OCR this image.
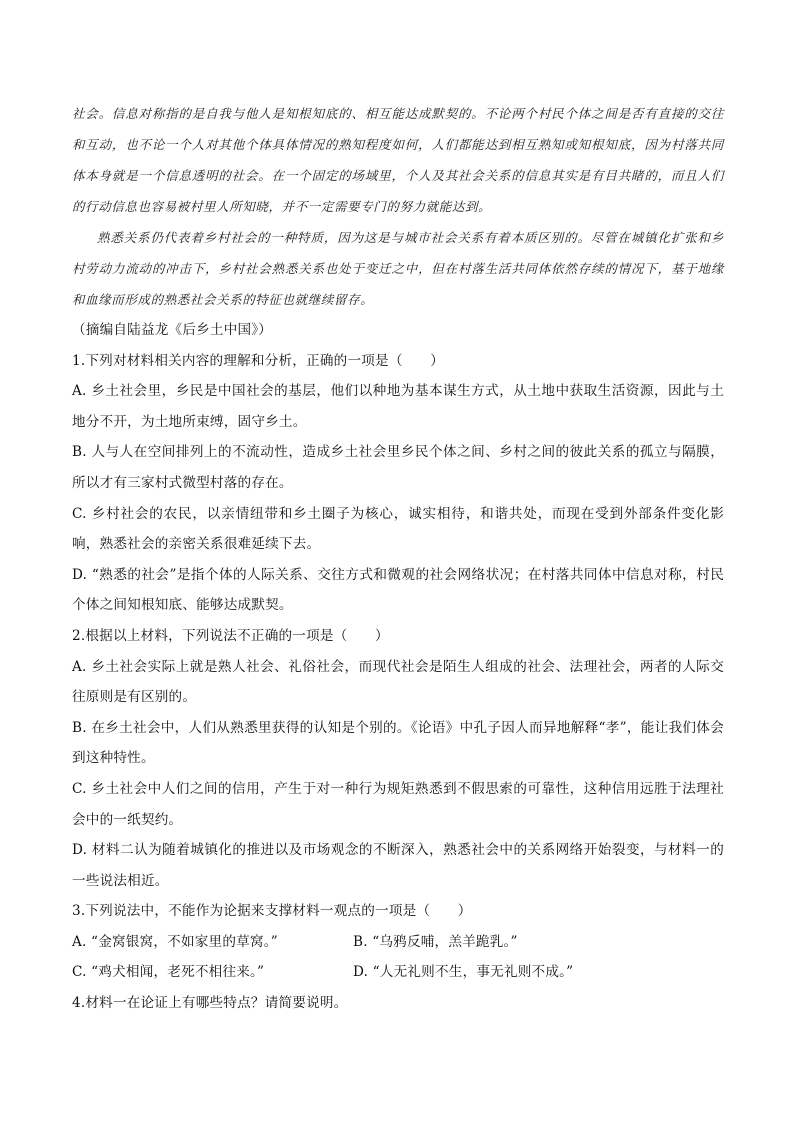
社会。信息对称指的是自我与他人是知根知底的、相互能达成默契的。不论两个村民个体之间是否有直接的交往和互动，也不论一个人对其他个体具体情况的熟知程度如何，人们都能达到相互熟知或知根知底，因为村落共同体本身就是一个信息透明的社会。在一个固定的场域里，个人及其社会关系的信息其实是有目共睹的，而且人们的行动信息也容易被村里人所知晓，并不一定需要专门的努力就能达到。

熟悉关系仍代表着乡村社会的一种特质，因为这是与城市社会关系有着本质区别的。尽管在城镇化扩张和乡村劳动力流动的冲击下，乡村社会熟悉关系也处于变迁之中，但在村落生活共同体依然存续的情况下，基于地缘和血缘而形成的熟悉社会关系的特征也就继续留存。

（摘编自陆益龙《后乡土中国》）

1.下列对材料相关内容的理解和分析，正确的一项是（　　）

A. 乡土社会里，乡民是中国社会的基层，他们以种地为基本谋生方式，从土地中获取生活资源，因此与土地分不开，为土地所束缚，固守乡土。

B. 人与人在空间排列上的不流动性，造成乡土社会里乡民个体之间、乡村之间的彼此关系的孤立与隔膜，所以才有三家村式微型村落的存在。

C. 乡村社会的农民，以亲情纽带和乡土圈子为核心，诚实相待，和谐共处，而现在受到外部条件变化影响，熟悉社会的亲密关系很难延续下去。

D. “熟悉的社会”是指个体的人际关系、交往方式和微观的社会网络状况；在村落共同体中信息对称，村民个体之间知根知底、能够达成默契。

2.根据以上材料，下列说法不正确的一项是（　　）

A. 乡土社会实际上就是熟人社会、礼俗社会，而现代社会是陌生人组成的社会、法理社会，两者的人际交往原则是有区别的。

B. 在乡土社会中，人们从熟悉里获得的认知是个别的。《论语》中孔子因人而异地解释“孝”，能让我们体会到这种特性。

C. 乡土社会中人们之间的信用，产生于对一种行为规矩熟悉到不假思索的可靠性，这种信用远胜于法理社会中的一纸契约。

D. 材料二认为随着城镇化的推进以及市场观念的不断深入，熟悉社会中的关系网络开始裂变，与材料一的一些说法相近。

3.下列说法中，不能作为论据来支撑材料一观点的一项是（　　）

A. “金窝银窝，不如家里的草窝。”	B. “乌鸦反哺，羔羊跪乳。”
C. “鸡犬相闻，老死不相往来。”	D. “人无礼则不生，事无礼则不成。”

4.材料一在论证上有哪些特点？请简要说明。
